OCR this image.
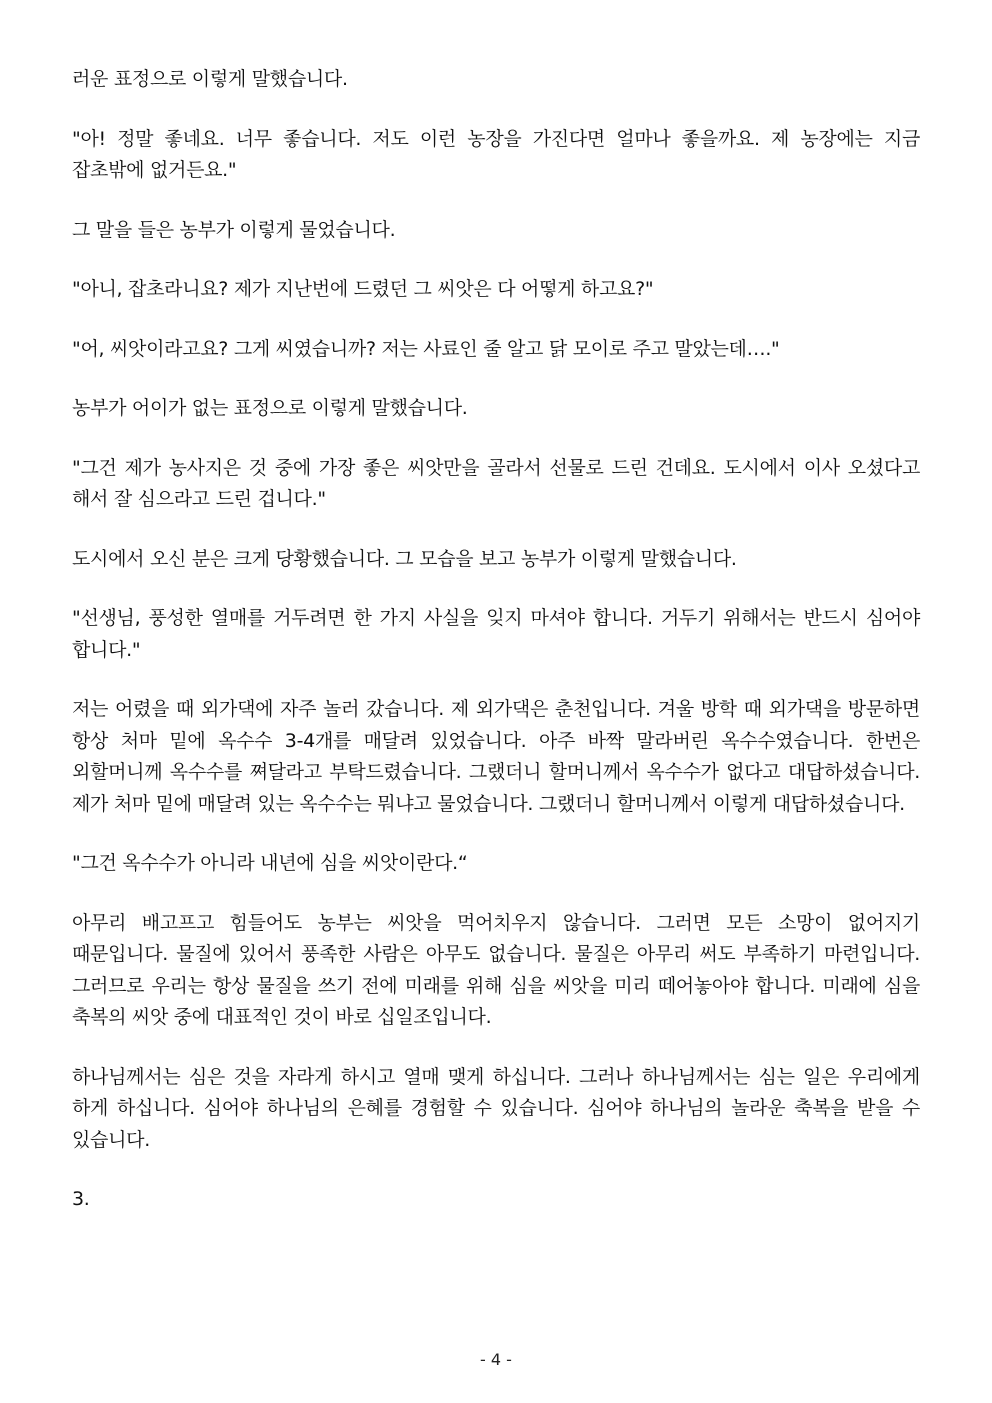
러운 표정으로 이렇게 말했습니다.

"아! 정말 좋네요. 너무 좋습니다. 저도 이런 농장을 가진다면 얼마나 좋을까요. 제 농장에는 지금 잡초밖에 없거든요."

그 말을 들은 농부가 이렇게 물었습니다.

"아니, 잡초라니요? 제가 지난번에 드렸던 그 씨앗은 다 어떻게 하고요?"

"어, 씨앗이라고요? 그게 씨였습니까? 저는 사료인 줄 알고 닭 모이로 주고 말았는데…."

농부가 어이가 없는 표정으로 이렇게 말했습니다.

"그건 제가 농사지은 것 중에 가장 좋은 씨앗만을 골라서 선물로 드린 건데요. 도시에서 이사 오셨다고 해서 잘 심으라고 드린 겁니다."

도시에서 오신 분은 크게 당황했습니다. 그 모습을 보고 농부가 이렇게 말했습니다.

"선생님, 풍성한 열매를 거두려면 한 가지 사실을 잊지 마셔야 합니다. 거두기 위해서는 반드시 심어야 합니다."

저는 어렸을 때 외가댁에 자주 놀러 갔습니다. 제 외가댁은 춘천입니다. 겨울 방학 때 외가댁을 방문하면 항상 처마 밑에 옥수수 3-4개를 매달려 있었습니다. 아주 바짝 말라버린 옥수수였습니다. 한번은 외할머니께 옥수수를 쪄달라고 부탁드렸습니다. 그랬더니 할머니께서 옥수수가 없다고 대답하셨습니다. 제가 처마 밑에 매달려 있는 옥수수는 뭐냐고 물었습니다. 그랬더니 할머니께서 이렇게 대답하셨습니다.

"그건 옥수수가 아니라 내년에 심을 씨앗이란다.“

아무리 배고프고 힘들어도 농부는 씨앗을 먹어치우지 않습니다. 그러면 모든 소망이 없어지기 때문입니다. 물질에 있어서 풍족한 사람은 아무도 없습니다. 물질은 아무리 써도 부족하기 마련입니다. 그러므로 우리는 항상 물질을 쓰기 전에 미래를 위해 심을 씨앗을 미리 떼어놓아야 합니다. 미래에 심을 축복의 씨앗 중에 대표적인 것이 바로 십일조입니다.

하나님께서는 심은 것을 자라게 하시고 열매 맺게 하십니다. 그러나 하나님께서는 심는 일은 우리에게 하게 하십니다. 심어야 하나님의 은혜를 경험할 수 있습니다. 심어야 하나님의 놀라운 축복을 받을 수 있습니다.

3.

- 4 -
